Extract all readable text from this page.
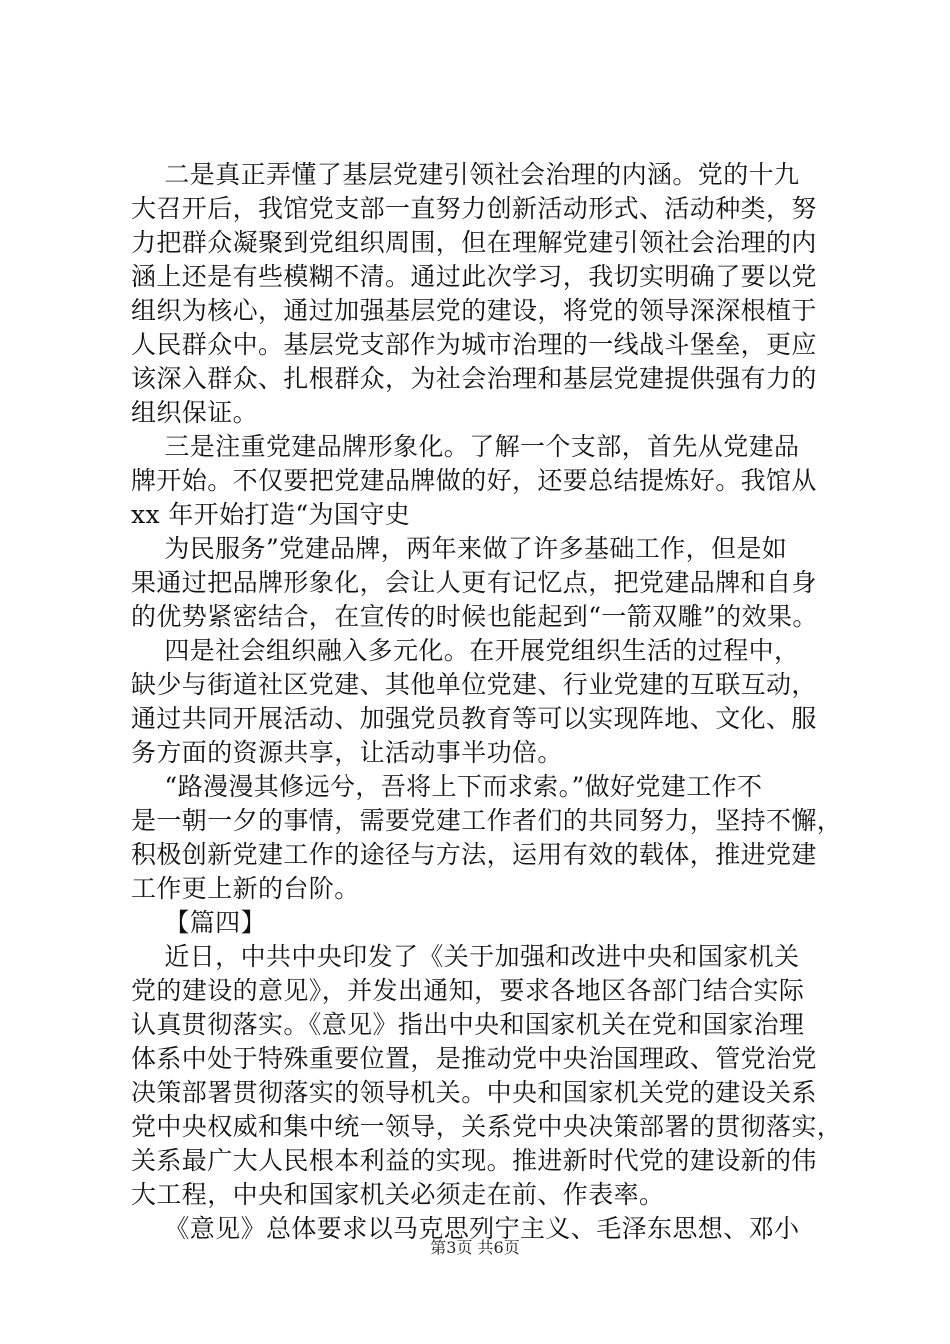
二是真正弄懂了基层党建引领社会治理的内涵。党的十九
大召开后，我馆党支部一直努力创新活动形式、活动种类，努
力把群众凝聚到党组织周围，但在理解党建引领社会治理的内
涵上还是有些模糊不清。通过此次学习，我切实明确了要以党
组织为核心，通过加强基层党的建设，将党的领导深深根植于
人民群众中。基层党支部作为城市治理的一线战斗堡垒，更应
该深入群众、扎根群众，为社会治理和基层党建提供强有力的
组织保证。
三是注重党建品牌形象化。了解一个支部，首先从党建品
牌开始。不仅要把党建品牌做的好，还要总结提炼好。我馆从
xx 年开始打造“为国守史
为民服务”党建品牌，两年来做了许多基础工作，但是如
果通过把品牌形象化，会让人更有记忆点，把党建品牌和自身
的优势紧密结合，在宣传的时候也能起到“一箭双雕”的效果。
四是社会组织融入多元化。在开展党组织生活的过程中，
缺少与街道社区党建、其他单位党建、行业党建的互联互动，
通过共同开展活动、加强党员教育等可以实现阵地、文化、服
务方面的资源共享，让活动事半功倍。
“路漫漫其修远兮，吾将上下而求索。”做好党建工作不
是一朝一夕的事情，需要党建工作者们的共同努力，坚持不懈，
积极创新党建工作的途径与方法，运用有效的载体，推进党建
工作更上新的台阶。
【篇四】
近日，中共中央印发了《关于加强和改进中央和国家机关
党的建设的意见》，并发出通知，要求各地区各部门结合实际
认真贯彻落实。《意见》指出中央和国家机关在党和国家治理
体系中处于特殊重要位置，是推动党中央治国理政、管党治党
决策部署贯彻落实的领导机关。中央和国家机关党的建设关系
党中央权威和集中统一领导，关系党中央决策部署的贯彻落实，
关系最广大人民根本利益的实现。推进新时代党的建设新的伟
大工程，中央和国家机关必须走在前、作表率。
《意见》总体要求以马克思列宁主义、毛泽东思想、邓小
第3页 共6页
